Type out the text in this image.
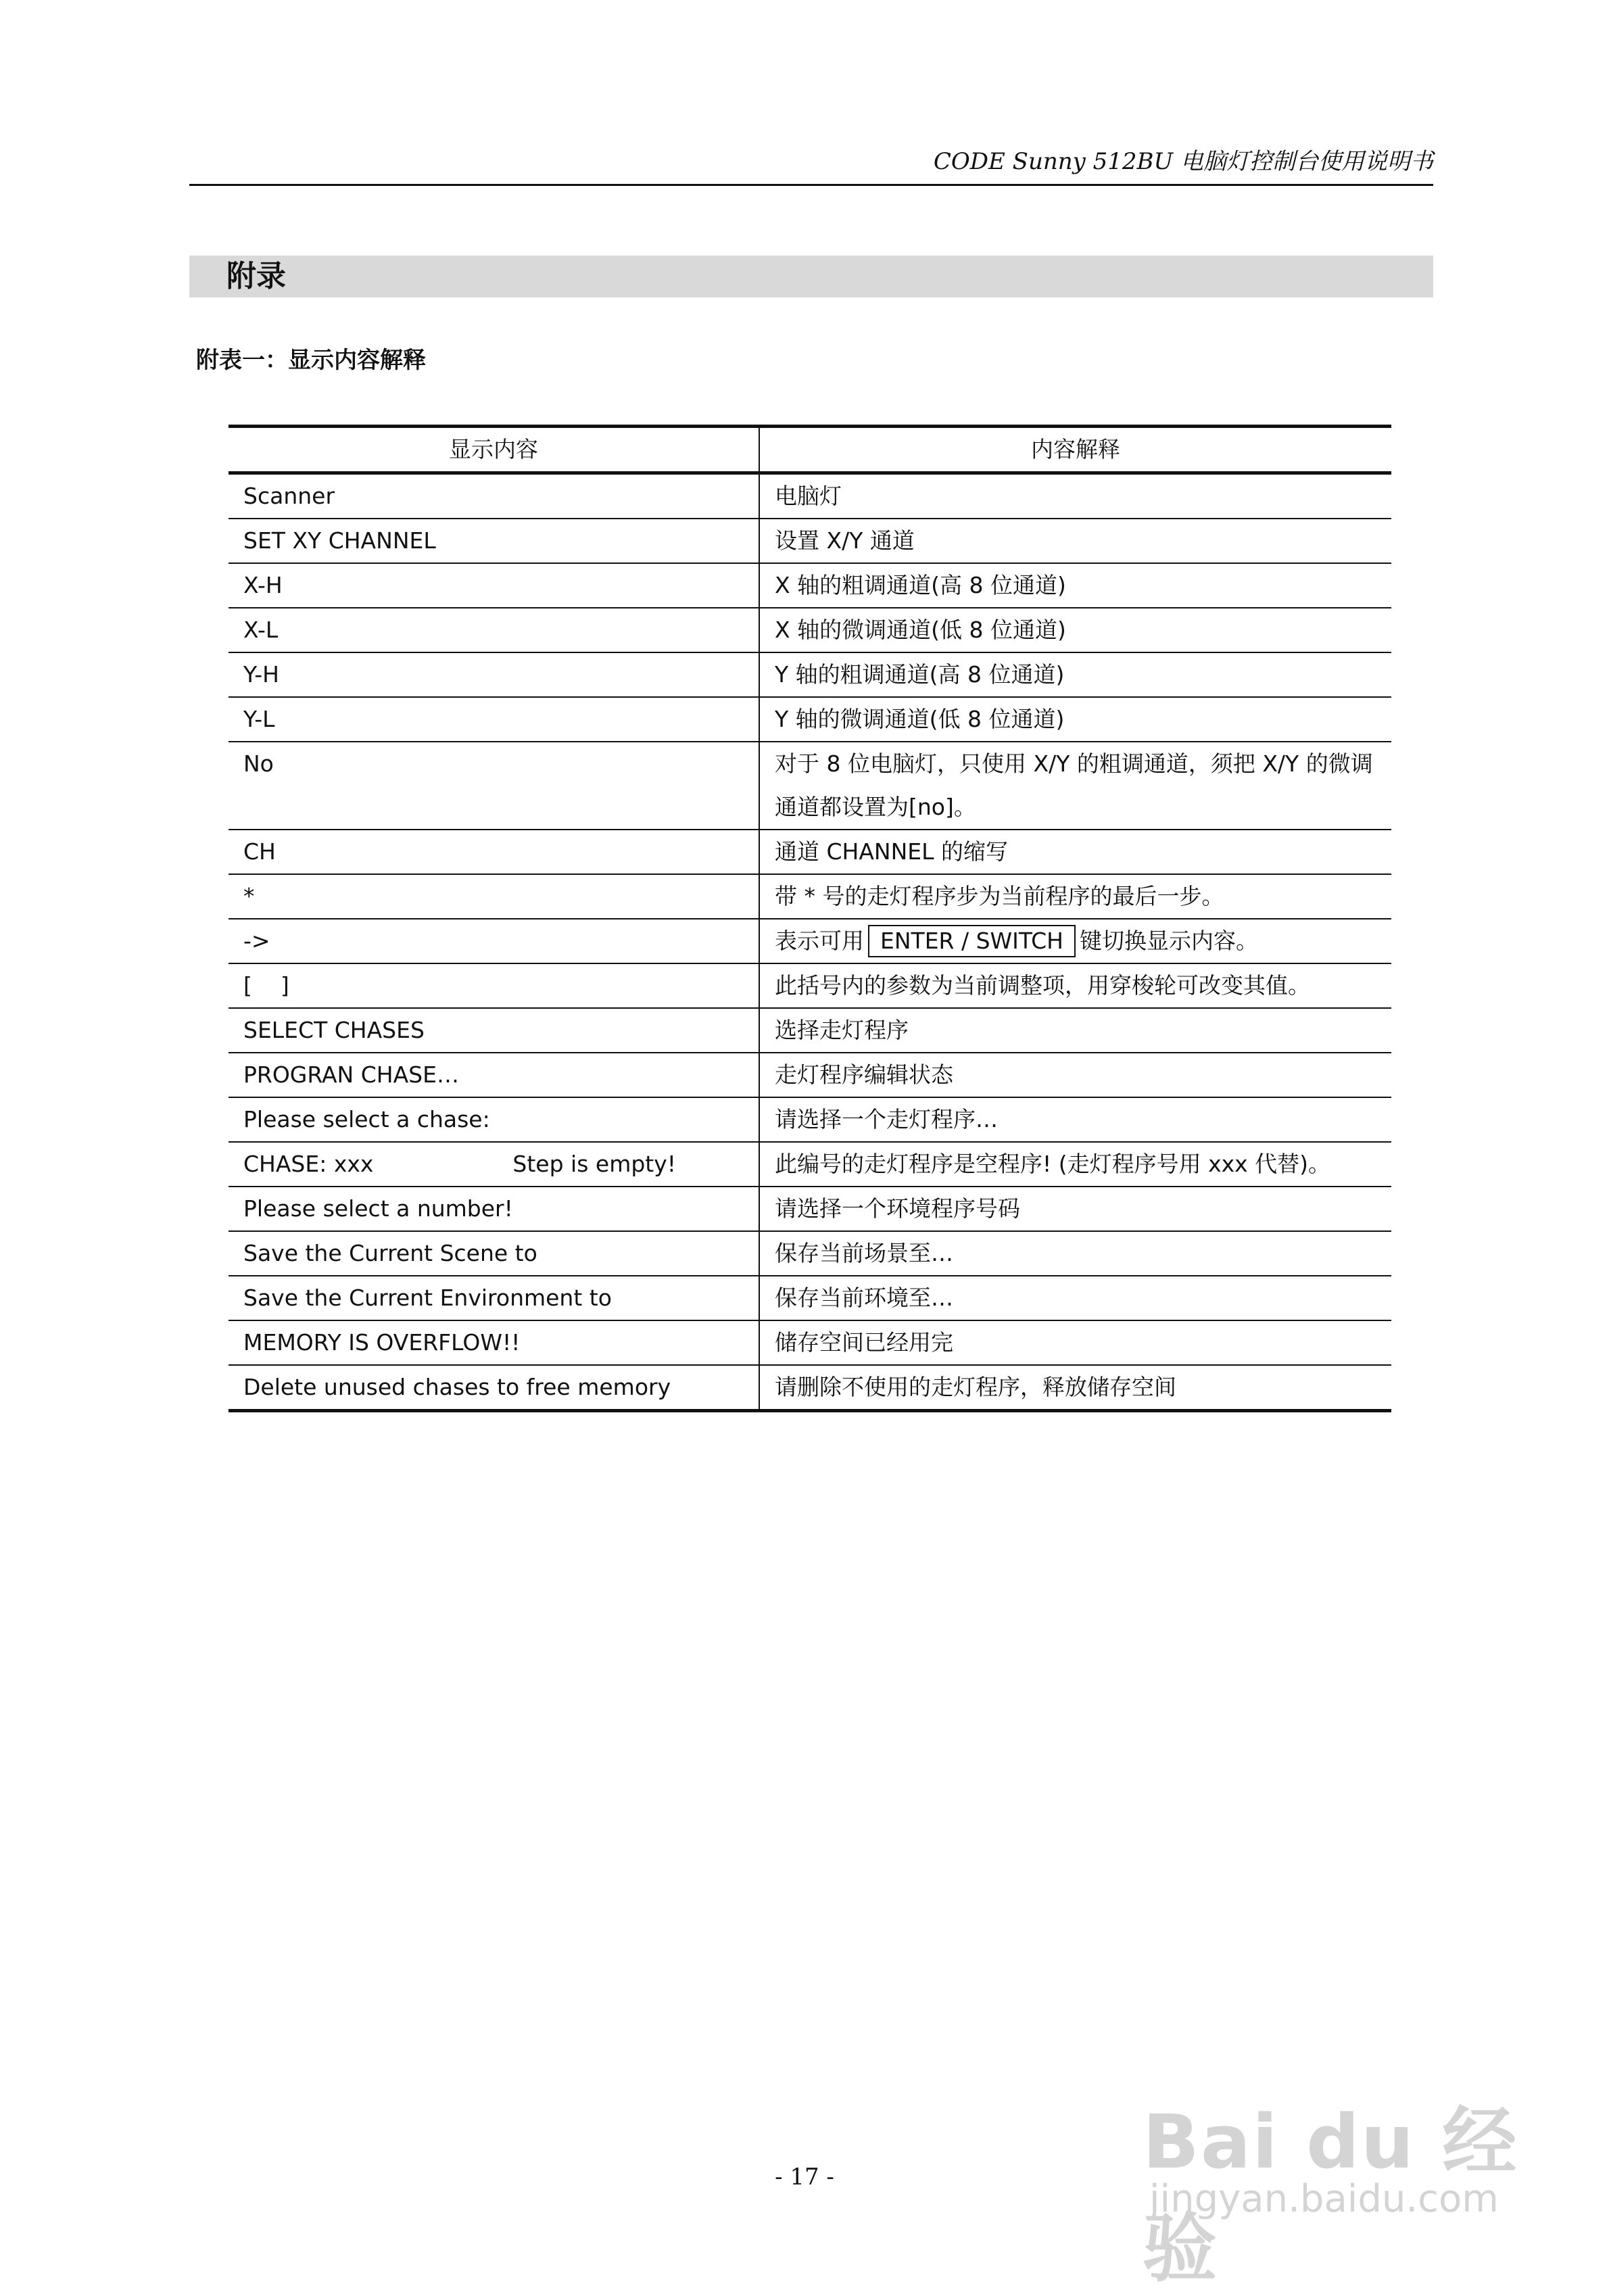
CODE Sunny 512BU 电脑灯控制台使用说明书
附录
附表一：显示内容解释
显示内容	内容解释
Scanner	电脑灯
SET XY CHANNEL	设置 X/Y 通道
X-H	X 轴的粗调通道(高 8 位通道)
X-L	X 轴的微调通道(低 8 位通道)
Y-H	Y 轴的粗调通道(高 8 位通道)
Y-L	Y 轴的微调通道(低 8 位通道)
No	对于 8 位电脑灯，只使用 X/Y 的粗调通道，须把 X/Y 的微调通道都设置为[no]。
CH	通道 CHANNEL 的缩写
*	带 * 号的走灯程序步为当前程序的最后一步。
->	表示可用 ENTER / SWITCH 键切换显示内容。
[    ]	此括号内的参数为当前调整项，用穿梭轮可改变其值。
SELECT CHASES	选择走灯程序
PROGRAN CHASE…	走灯程序编辑状态
Please select a chase:	请选择一个走灯程序…

CHASE: xxx Step is empty!	此编号的走灯程序是空程序! (走灯程序号用 xxx 代替)。
Please select a number!	请选择一个环境程序号码
Save the Current Scene to	保存当前场景至…
Save the Current Environment to	保存当前环境至…
MEMORY IS OVERFLOW!!	储存空间已经用完
Delete unused chases to free memory	请删除不使用的走灯程序，释放储存空间
- 17 -	Bai du 经验
jingyan.baidu.com
